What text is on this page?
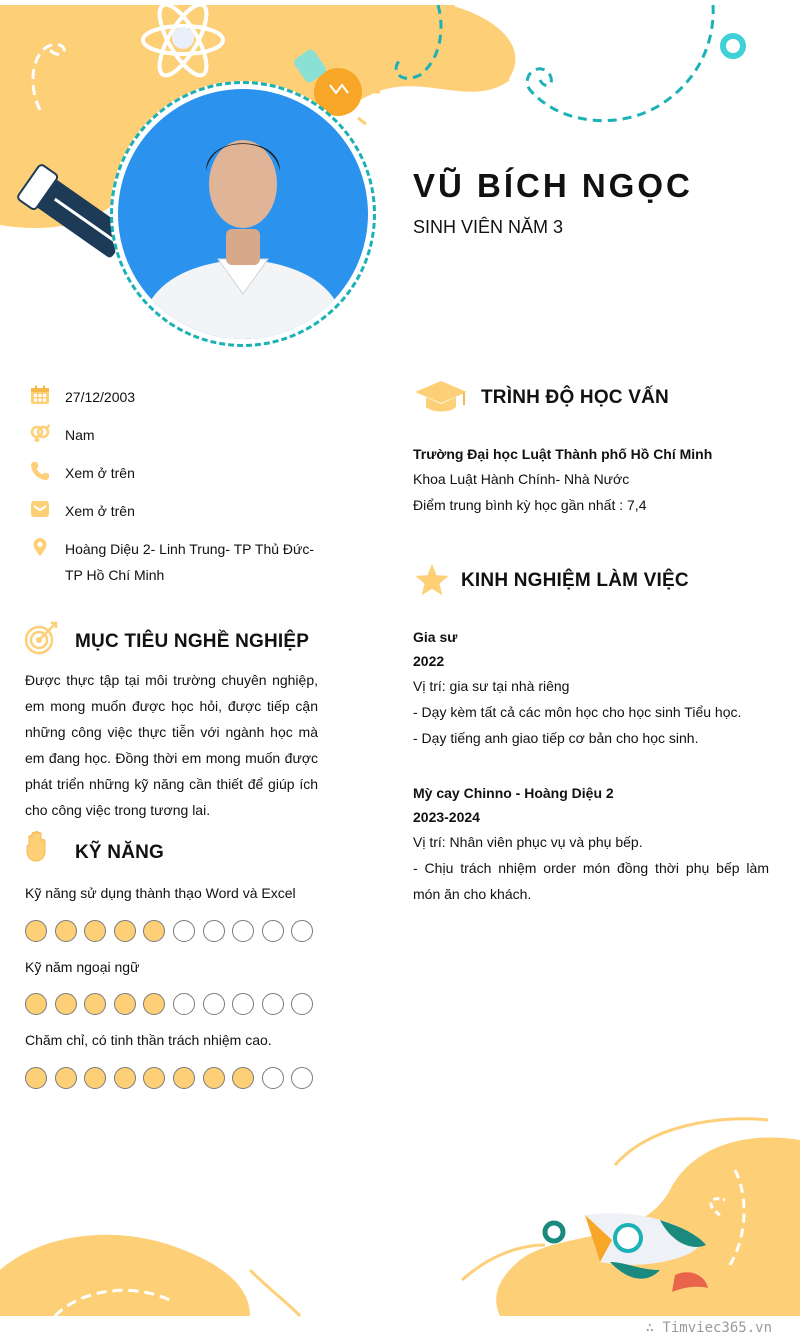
VŨ BÍCH NGỌC
SINH VIÊN NĂM 3
27/12/2003
Nam
Xem ở trên
Xem ở trên
Hoàng Diệu 2- Linh Trung- TP Thủ Đức- TP Hồ Chí Minh
MỤC TIÊU NGHỀ NGHIỆP
Được thực tập tại môi trường chuyên nghiệp, em mong muốn được học hỏi, được tiếp cận những công việc thực tiễn với ngành học mà em đang học. Đồng thời em mong muốn được phát triển những kỹ năng cần thiết để giúp ích cho công việc trong tương lai.
KỸ NĂNG
Kỹ năng sử dụng thành thạo Word và Excel
Kỹ năm ngoại ngữ
Chăm chỉ, có tinh thần trách nhiệm cao.
TRÌNH ĐỘ HỌC VẤN
Trường Đại học Luật Thành phố Hồ Chí Minh
Khoa Luật Hành Chính- Nhà Nước
Điểm trung bình kỳ học gần nhất : 7,4
KINH NGHIỆM LÀM VIỆC
Gia sư
2022
Vị trí: gia sư tại nhà riêng
- Dạy kèm tất cả các môn học cho học sinh Tiểu học.
- Dạy tiếng anh giao tiếp cơ bản cho học sinh.
Mỳ cay Chinno - Hoàng Diệu 2
2023-2024
Vị trí: Nhân viên phục vụ và phụ bếp.
- Chịu trách nhiệm order món đồng thời phụ bếp làm món ăn cho khách.
∴ Timviec365.vn
